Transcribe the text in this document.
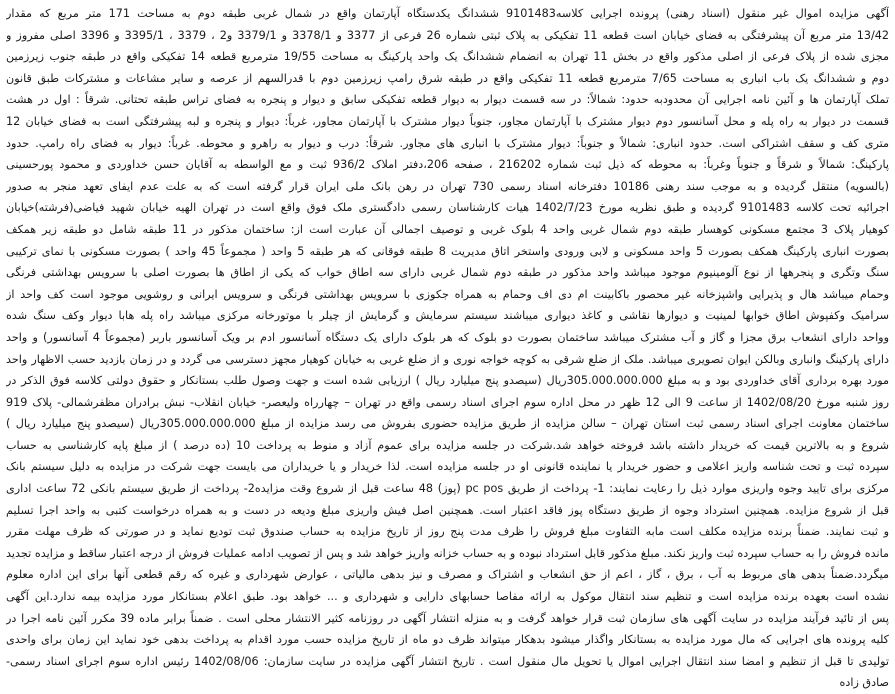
آگهی مزایده اموال غیر منقول (اسناد رهنی) پرونده اجرایی کلاسه9101483 ششدانگ یکدستگاه آپارتمان واقع در شمال غربی طبقه دوم به مساحت 171 متر مربع که مقدار
13/42 متر مربع آن پیشرفتگی به فضای خیابان است قطعه 11 تفکیکی به پلاک ثبتی شماره 26 فرعی از 3377 و 3378/1 و 3379/1 و2 ، 3379 ، 3395/1 و 3396 اصلی مفروز و
مجزی شده از پلاک فرعی از اصلی مذکور واقع در بخش 11 تهران به انضمام ششدانگ یک واحد پارکینگ به مساحت 19/55 مترمربع قطعه 14 تفکیکی واقع در طبقه جنوب زیرزمین
دوم و ششدانگ یک باب انباری به مساحت 7/65 مترمربع قطعه 11 تفکیکی واقع در طبقه شرق رامپ زیرزمین دوم با قدرالسهم از عرصه و سایر مشاعات و مشترکات طبق قانون
تملک آپارتمان ها و آئین نامه اجرایی آن محدودبه حدود: شمالاً: در سه قسمت دیوار به دیوار قطعه تفکیکی سابق و دیوار و پنجره به فضای تراس طبقه تحتانی. شرقاً : اول در هشت
قسمت در دیوار به راه پله و محل آسانسور دوم دیوار مشترک با آپارتمان مجاور، جنوباً دیوار مشترک با آپارتمان مجاور، غرباً: دیوار و پنجره و لبه پیشرفتگی است به فضای خیابان 12
متری کف و سقف اشتراکی است. حدود انباری: شمالاً و جنوباً: دیوار مشترک با انباری های مجاور. شرقاً: درب و دیوار به راهرو و محوطه. غرباً: دیوار به فضای راه رامپ. حدود
پارکینگ: شمالاً و شرقاً و جنوباً وغرباً: به محوطه که ذیل ثبت شماره 216202 ، صفحه 206،دفتر املاک 936/2 ثبت و مع الواسطه به آقایان حسن خداوردی و محمود پورحسینی
(بالسویه) منتقل گردیده و به موجب سند رهنی 10186 دفترخانه اسناد رسمی 730 تهران در رهن بانک ملی ایران قرار گرفته است که به علت عدم ایفای تعهد منجر به صدور
اجرائیه تحت کلاسه 9101483 گردیده و طبق نظریه مورخ 1402/7/23 هیات کارشناسان رسمی دادگستری ملک فوق واقع است در تهران الهیه خیابان شهید فیاضی(فرشته)خیابان
کوهیار پلاک 3 مجتمع مسکونی کوهسار طبقه دوم شمال غربی واحد 4 بلوک غربی و توصیف اجمالی آن عبارت است از: ساختمان مذکور در 11 طبقه شامل دو طبقه زیر همکف
بصورت انباری پارکینگ همکف بصورت 5 واحد مسکونی و لابی ورودی واستخر اتاق مدیریت 8 طبقه فوقانی که هر طبقه 5 واحد ( مجموعاً 45 واحد ) بصورت مسکونی با نمای ترکیبی
سنگ وتگری و پنجرهها از نوع آلومینیوم موجود میباشد واحد مذکور در طبقه دوم شمال غربی دارای سه اطاق خواب که یکی از اطاق ها بصورت اصلی با سرویس بهداشتی فرنگی
وحمام میباشد هال و پذیرایی واشپزخانه غیر محصور باکابینت ام دی اف وحمام به همراه جکوزی با سرویس بهداشتی فرنگی و سرویس ایرانی و روشویی موجود است کف واحد از
سرامیک وکفپوش اطاق خوابها لمینیت و دیوارها نقاشی و کاغذ دیواری میباشند سیستم سرمایش و گرمایش از چیلر با موتورخانه مرکزی میباشد راه پله هابا دیوار وکف سنگ شده
وواحد دارای انشعاب برق مجزا و گاز و آب مشترک میباشد ساختمان بصورت دو بلوک که هر بلوک دارای یک دستگاه آسانسور ادم بر ویک آسانسور باربر (مجموعاً 4 آسانسور) و واحد
دارای پارکینگ وانباری وبالکن ایوان تصویری میباشد. ملک از ضلع شرقی به کوچه خواجه نوری و از ضلع غربی به خیابان کوهیار مجهز دسترسی می گردد و در زمان بازدید حسب الاظهار واحد
مورد بهره برداری آقای خداوردی بود و به مبلغ 305.000.000.000ریال (سیصدو پنج میلیارد ریال ) ارزیابی شده است و جهت وصول طلب بستانکار و حقوق دولتی کلاسه فوق الذکر در
روز شنبه مورخ 1402/08/20 از ساعت 9 الی 12 ظهر در محل اداره سوم اجرای اسناد رسمی واقع در تهران – چهارراه ولیعصر- خیابان انقلاب- نبش برادران مظفرشمالی- پلاک 919
ساختمان معاونت اجرای اسناد رسمی ثبت استان تهران – سالن مزایده از طریق مزایده حضوری بفروش می رسد مزایده از مبلغ 305.000.000.000ریال (سیصدو پنج میلیارد ریال )
شروع و به بالاترین قیمت که خریدار داشته باشد فروخته خواهد شد.شرکت در جلسه مزایده برای عموم آزاد و منوط به پرداخت 10 (ده درصد ) از مبلغ پایه کارشناسی به حساب
سپرده ثبت و تحت شناسه واریز اعلامی و حضور خریدار یا نماینده قانونی او در جلسه مزایده است. لذا خریدار و یا خریداران می بایست جهت شرکت در مزایده به دلیل سیستم بانک
مرکزی برای تایید وجوه واریزی موارد ذیل را رعایت نمایند: 1- پرداخت از طریق pc pos (پوز) 48 ساعت قبل از شروع وقت مزایده2- پرداخت از طریق سیستم بانکی 72 ساعت اداری
قبل از شروع مزایده. همچنین استرداد وجوه از طریق دستگاه پوز فاقد اعتبار است. همچنین اصل فیش واریزی مبلغ ودیعه در دست و به همراه درخواست کتبی به واحد اجرا تسلیم
و ثبت نمایند. ضمناً برنده مزایده مکلف است مابه التفاوت مبلغ فروش را ظرف مدت پنج روز از تاریخ مزایده به حساب صندوق ثبت تودیع نماید و در صورتی که ظرف مهلت مقرر
مانده فروش را به حساب سپرده ثبت واریز نکند. مبلغ مذکور قابل استرداد نبوده و به حساب خزانه واریز خواهد شد و پس از تصویب ادامه عملیات فروش از درجه اعتبار ساقط و مزایده تجدید
میگردد.ضمناً بدهی های مربوط به آب ، برق ، گاز ، اعم از حق انشعاب و اشتراک و مصرف و نیز بدهی مالیاتی ، عوارض شهرداری و غیره که رقم قطعی آنها برای این اداره معلوم
نشده است بعهده برنده مزایده است و تنظیم سند انتقال موکول به ارائه مفاصا حسابهای دارایی و شهرداری و ... خواهد بود. طبق اعلام بستانکار مورد مزایده بیمه ندارد.این آگهی
پس از تائید فرآیند مزایده در سایت آگهی های سازمان ثبت قرار خواهد گرفت و به منزله انتشار آگهی در روزنامه کثیر الانتشار محلی است . ضمناً برابر ماده 39 مکرر آئین نامه اجرا در
کلیه پرونده های اجرایی که مال مورد مزایده به بستانکار واگذار میشود بدهکار میتواند ظرف دو ماه از تاریخ مزایده حسب مورد اقدام به پرداخت بدهی خود نماید این زمان برای واحدی
تولیدی تا قبل از تنظیم و امضا سند انتقال اجرایی اموال یا تحویل مال منقول است . تاریخ انتشار آگهی مزایده در سایت سازمان: 1402/08/06 رئیس اداره سوم اجرای اسناد رسمی-
صادق زاده
